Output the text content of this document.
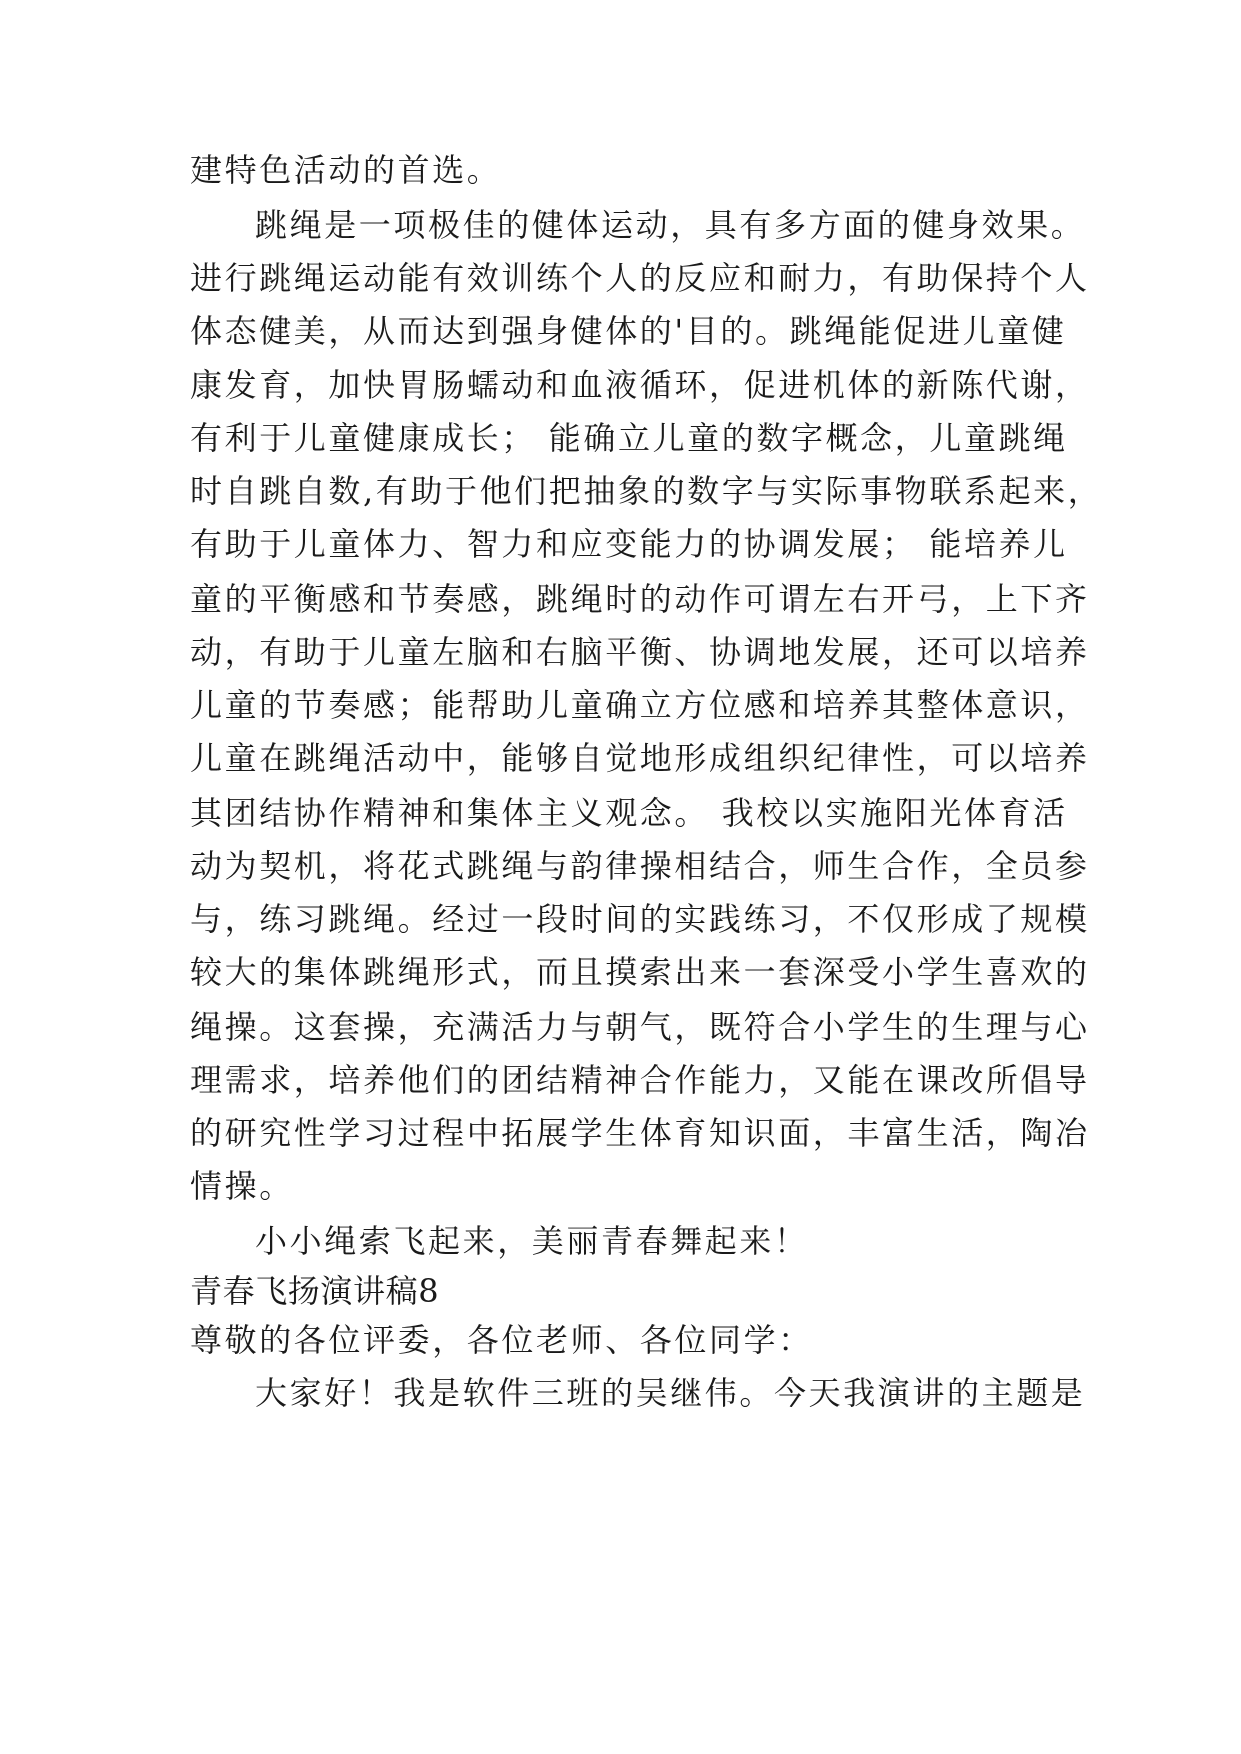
建特色活动的首选。
跳绳是一项极佳的健体运动，具有多方面的健身效果。
进行跳绳运动能有效训练个人的反应和耐力，有助保持个人
体态健美，从而达到强身健体的'目的。跳绳能促进儿童健
康发育，加快胃肠蠕动和血液循环，促进机体的新陈代谢，
有利于儿童健康成长； 能确立儿童的数字概念，儿童跳绳
时自跳自数,有助于他们把抽象的数字与实际事物联系起来，
有助于儿童体力、智力和应变能力的协调发展； 能培养儿
童的平衡感和节奏感，跳绳时的动作可谓左右开弓，上下齐
动，有助于儿童左脑和右脑平衡、协调地发展，还可以培养
儿童的节奏感；能帮助儿童确立方位感和培养其整体意识，
儿童在跳绳活动中，能够自觉地形成组织纪律性，可以培养
其团结协作精神和集体主义观念。 我校以实施阳光体育活
动为契机，将花式跳绳与韵律操相结合，师生合作，全员参
与，练习跳绳。经过一段时间的实践练习，不仅形成了规模
较大的集体跳绳形式，而且摸索出来一套深受小学生喜欢的
绳操。这套操，充满活力与朝气，既符合小学生的生理与心
理需求，培养他们的团结精神合作能力，又能在课改所倡导
的研究性学习过程中拓展学生体育知识面，丰富生活，陶冶
情操。
小小绳索飞起来，美丽青春舞起来！
青春飞扬演讲稿8
尊敬的各位评委，各位老师、各位同学：
大家好！我是软件三班的吴继伟。今天我演讲的主题是
